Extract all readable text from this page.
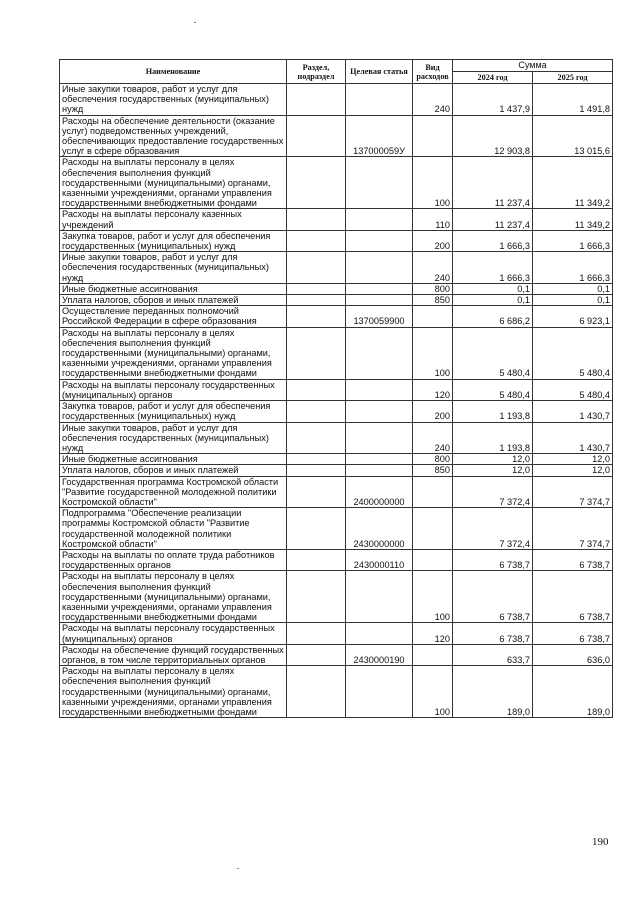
Наименование	Раздел, подраздел	Целевая статья	Вид расходов	Сумма	
				2024 год	2025 год
Иные закупки товаров, работ и услуг для обеспечения государственных (муниципальных) нужд			240	1 437,9	1 491,8
Расходы на обеспечение деятельности (оказание услуг) подведомственных учреждений, обеспечивающих предоставление государственных услуг в сфере образования		137000059У		12 903,8	13 015,6
Расходы на выплаты персоналу в целях обеспечения выполнения функций государственными (муниципальными) органами, казенными учреждениями, органами управления государственными внебюджетными фондами			100	11 237,4	11 349,2
Расходы на выплаты персоналу казенных учреждений			110	11 237,4	11 349,2
Закупка товаров, работ и услуг для обеспечения государственных (муниципальных) нужд			200	1 666,3	1 666,3
Иные закупки товаров, работ и услуг для обеспечения государственных (муниципальных) нужд			240	1 666,3	1 666,3
Иные бюджетные ассигнования			800	0,1	0,1
Уплата налогов, сборов и иных платежей			850	0,1	0,1
Осуществление переданных полномочий Российской Федерации в сфере образования		1370059900		6 686,2	6 923,1
Расходы на выплаты персоналу в целях обеспечения выполнения функций государственными (муниципальными) органами, казенными учреждениями, органами управления государственными внебюджетными фондами			100	5 480,4	5 480,4
Расходы на выплаты персоналу государственных (муниципальных) органов			120	5 480,4	5 480,4
Закупка товаров, работ и услуг для обеспечения государственных (муниципальных) нужд			200	1 193,8	1 430,7
Иные закупки товаров, работ и услуг для обеспечения государственных (муниципальных) нужд			240	1 193,8	1 430,7
Иные бюджетные ассигнования			800	12,0	12,0
Уплата налогов, сборов и иных платежей			850	12,0	12,0
Государственная программа Костромской области "Развитие государственной молодежной политики Костромской области"		2400000000		7 372,4	7 374,7
Подпрограмма "Обеспечение реализации программы Костромской области "Развитие государственной молодежной политики Костромской области"		2430000000		7 372,4	7 374,7
Расходы на выплаты по оплате труда работников государственных органов		2430000110		6 738,7	6 738,7
Расходы на выплаты персоналу в целях обеспечения выполнения функций государственными (муниципальными) органами, казенными учреждениями, органами управления государственными внебюджетными фондами			100	6 738,7	6 738,7
Расходы на выплаты персоналу государственных (муниципальных) органов			120	6 738,7	6 738,7
Расходы на обеспечение функций государственных органов, в том числе территориальных органов		2430000190		633,7	636,0
Расходы на выплаты персоналу в целях обеспечения выполнения функций государственными (муниципальными) органами, казенными учреждениями, органами управления государственными внебюджетными фондами			100	189,0	189,0
190
